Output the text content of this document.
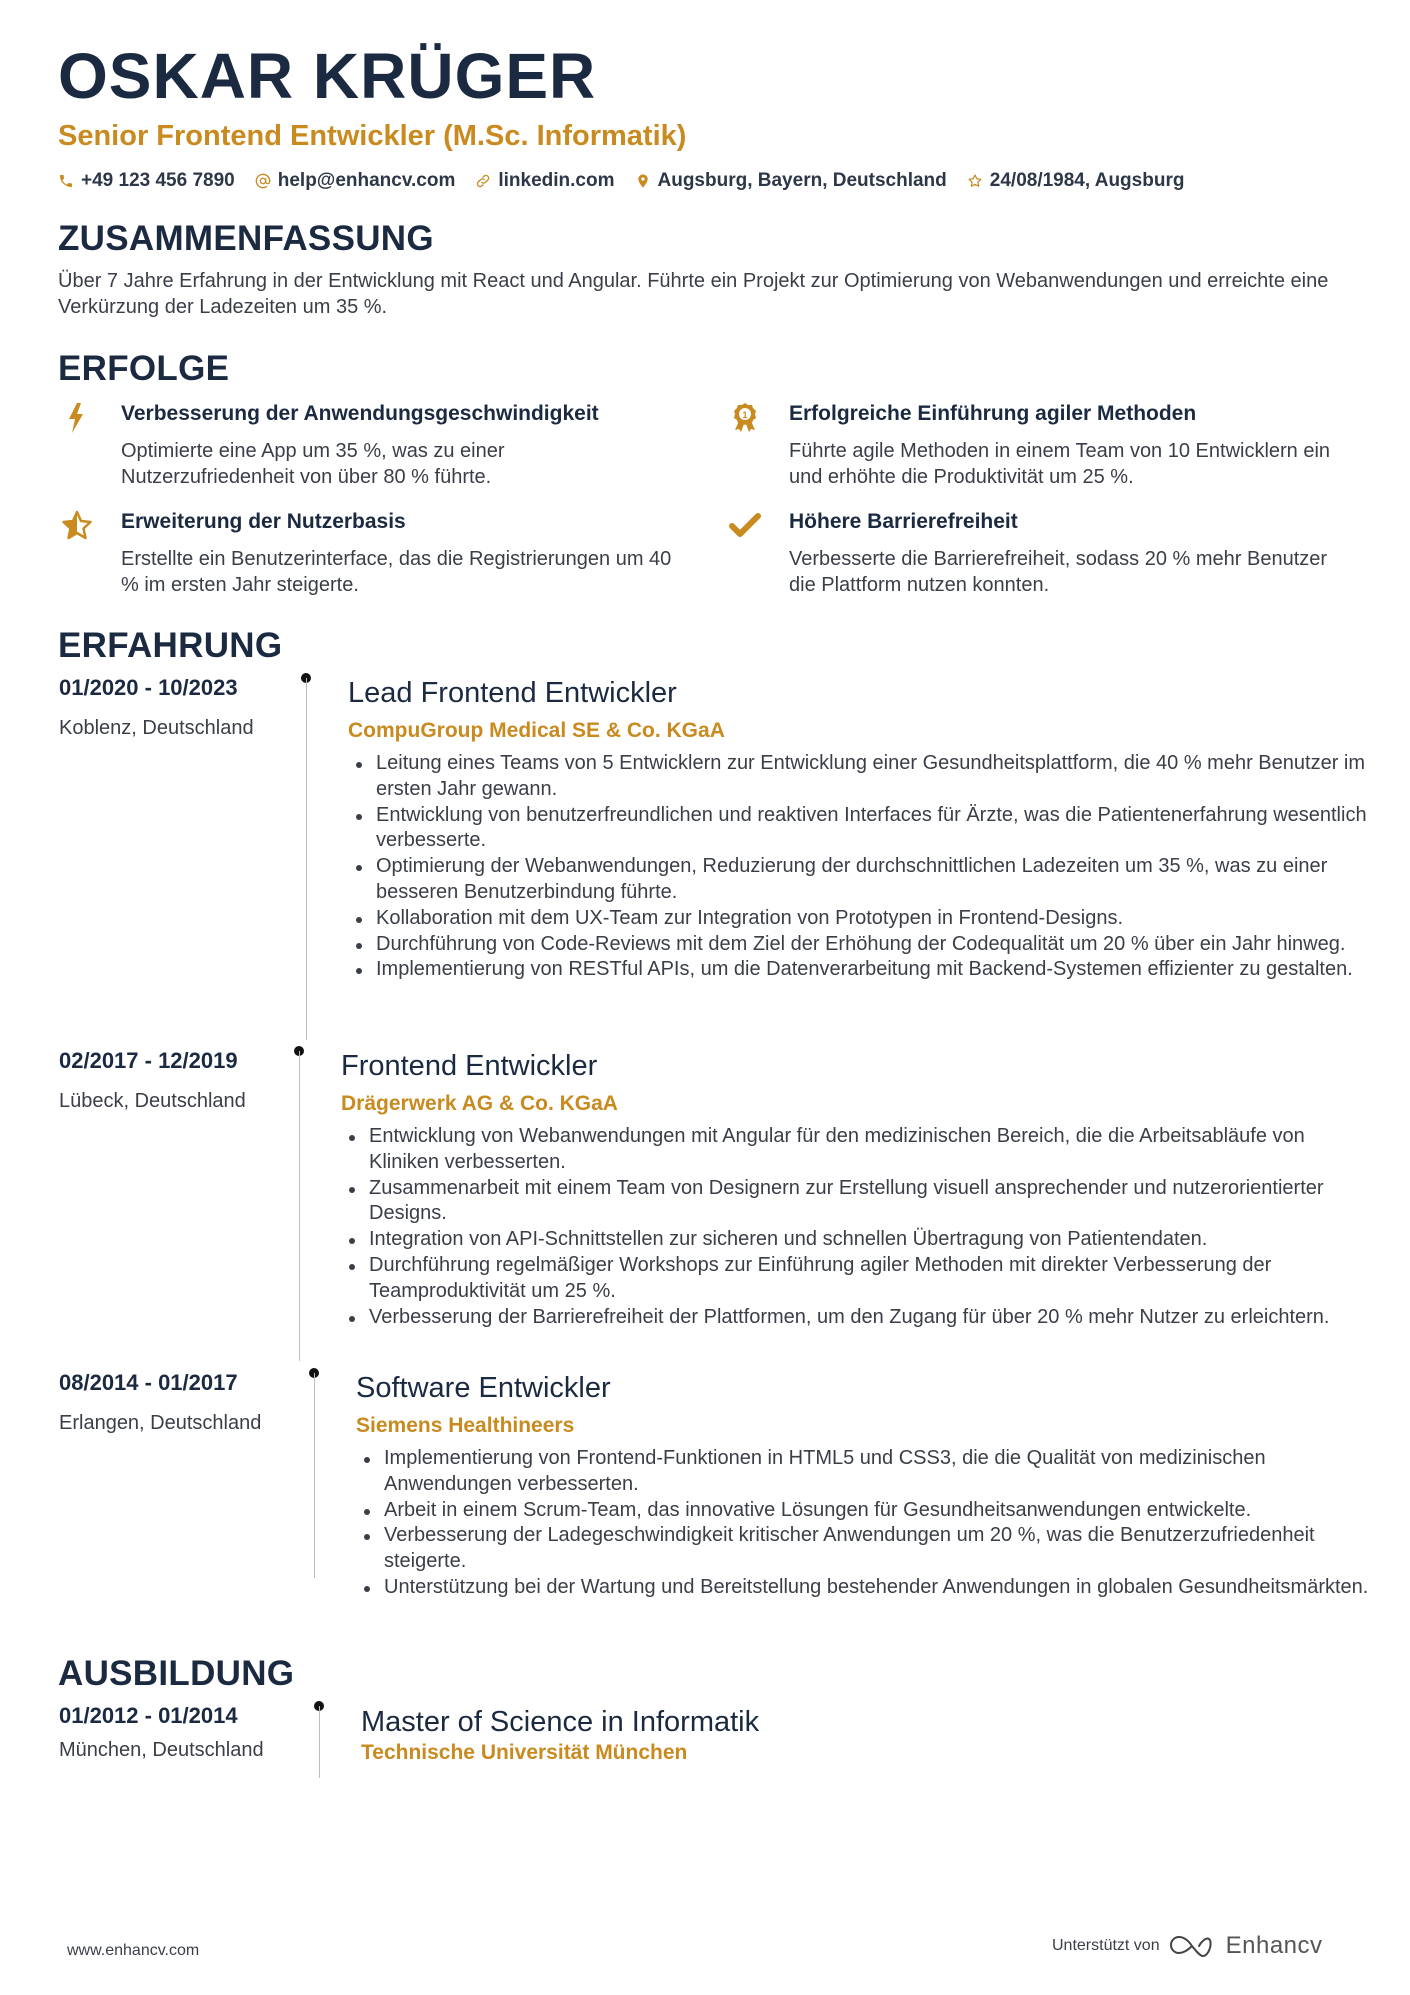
OSKAR KRÜGER
Senior Frontend Entwickler (M.Sc. Informatik)
+49 123 456 7890 help@enhancv.com linkedin.com Augsburg, Bayern, Deutschland 24/08/1984, Augsburg
ZUSAMMENFASSUNG
Über 7 Jahre Erfahrung in der Entwicklung mit React und Angular. Führte ein Projekt zur Optimierung von Webanwendungen und erreichte eine Verkürzung der Ladezeiten um 35 %.
ERFOLGE
Verbesserung der Anwendungsgeschwindigkeit
Optimierte eine App um 35 %, was zu einer Nutzerzufriedenheit von über 80 % führte.
1 Erfolgreiche Einführung agiler Methoden
Führte agile Methoden in einem Team von 10 Entwicklern ein und erhöhte die Produktivität um 25 %.
Erweiterung der Nutzerbasis
Erstellte ein Benutzerinterface, das die Registrierungen um 40 % im ersten Jahr steigerte.
Höhere Barrierefreiheit
Verbesserte die Barrierefreiheit, sodass 20 % mehr Benutzer die Plattform nutzen konnten.
ERFAHRUNG
01/2020 - 10/2023
Koblenz, Deutschland
Lead Frontend Entwickler
CompuGroup Medical SE & Co. KGaA
Leitung eines Teams von 5 Entwicklern zur Entwicklung einer Gesundheitsplattform, die 40 % mehr Benutzer im ersten Jahr gewann.
Entwicklung von benutzerfreundlichen und reaktiven Interfaces für Ärzte, was die Patientenerfahrung wesentlich verbesserte.
Optimierung der Webanwendungen, Reduzierung der durchschnittlichen Ladezeiten um 35 %, was zu einer besseren Benutzerbindung führte.
Kollaboration mit dem UX-Team zur Integration von Prototypen in Frontend-Designs.
Durchführung von Code-Reviews mit dem Ziel der Erhöhung der Codequalität um 20 % über ein Jahr hinweg.
Implementierung von RESTful APIs, um die Datenverarbeitung mit Backend-Systemen effizienter zu gestalten.
02/2017 - 12/2019
Lübeck, Deutschland
Frontend Entwickler
Drägerwerk AG & Co. KGaA
Entwicklung von Webanwendungen mit Angular für den medizinischen Bereich, die die Arbeitsabläufe von Kliniken verbesserten.
Zusammenarbeit mit einem Team von Designern zur Erstellung visuell ansprechender und nutzerorientierter Designs.
Integration von API-Schnittstellen zur sicheren und schnellen Übertragung von Patientendaten.
Durchführung regelmäßiger Workshops zur Einführung agiler Methoden mit direkter Verbesserung der Teamproduktivität um 25 %.
Verbesserung der Barrierefreiheit der Plattformen, um den Zugang für über 20 % mehr Nutzer zu erleichtern.
08/2014 - 01/2017
Erlangen, Deutschland
Software Entwickler
Siemens Healthineers
Implementierung von Frontend-Funktionen in HTML5 und CSS3, die die Qualität von medizinischen Anwendungen verbesserten.
Arbeit in einem Scrum-Team, das innovative Lösungen für Gesundheitsanwendungen entwickelte.
Verbesserung der Ladegeschwindigkeit kritischer Anwendungen um 20 %, was die Benutzerzufriedenheit steigerte.
Unterstützung bei der Wartung und Bereitstellung bestehender Anwendungen in globalen Gesundheitsmärkten.
AUSBILDUNG
01/2012 - 01/2014
München, Deutschland
Master of Science in Informatik
Technische Universität München
www.enhancv.com	Unterstützt von	Enhancv
